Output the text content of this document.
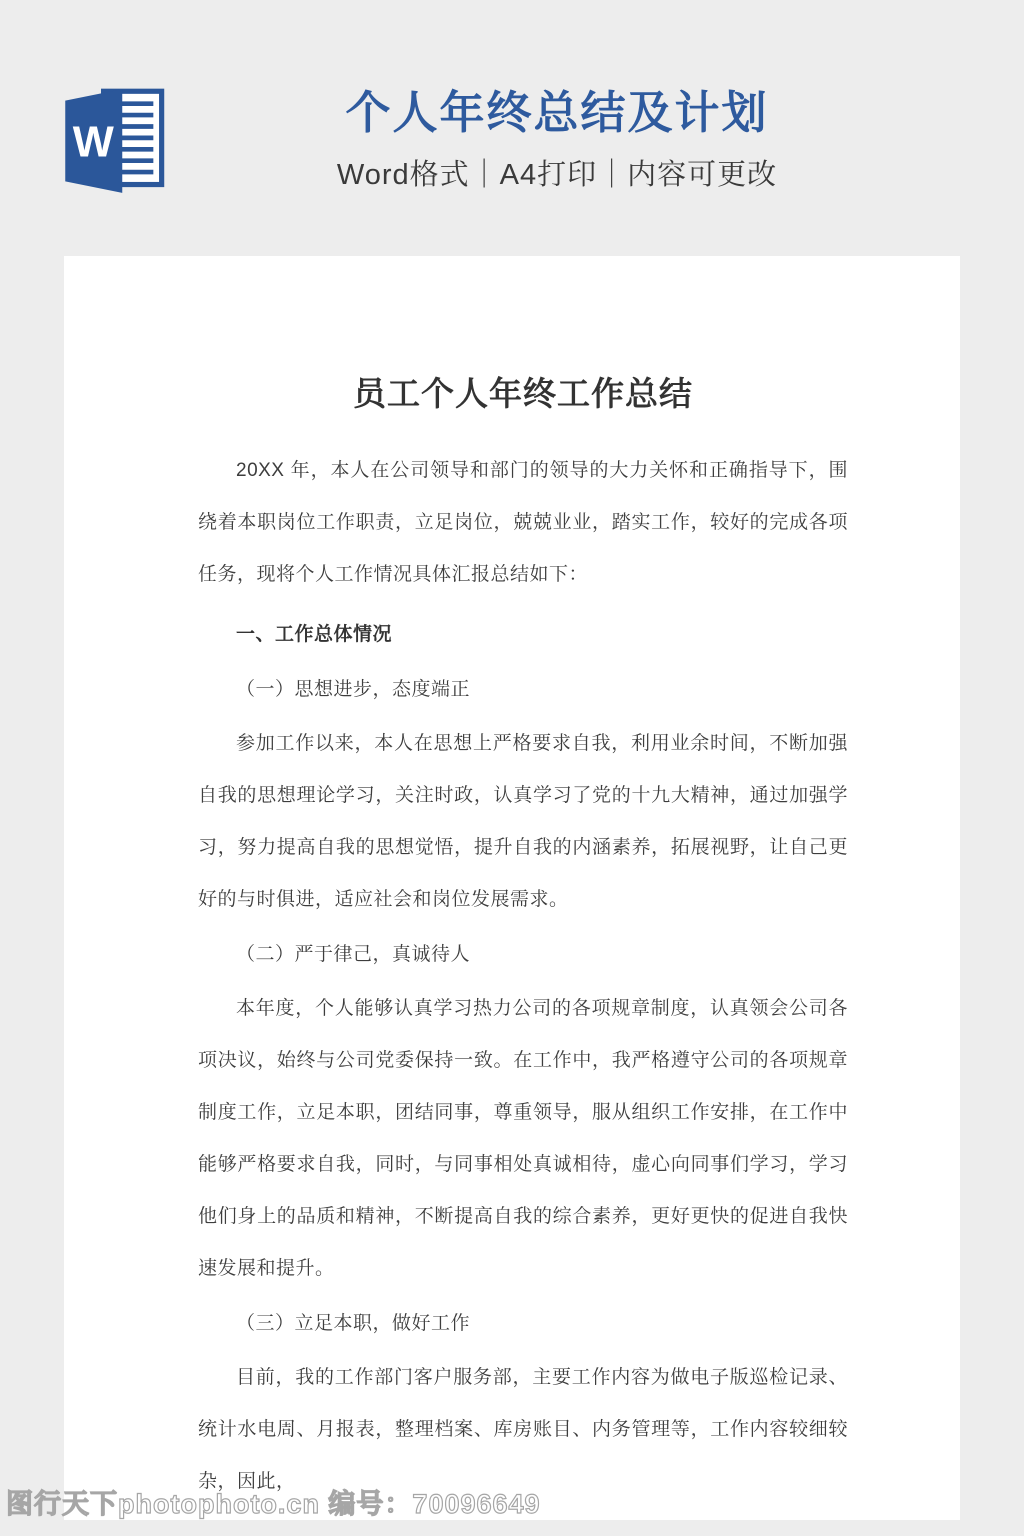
W
个人年终总结及计划
Word格式｜A4打印｜内容可更改
员工个人年终工作总结
20XX 年，本人在公司领导和部门的领导的大力关怀和正确指导下，围绕着本职岗位工作职责，立足岗位，兢兢业业，踏实工作，较好的完成各项任务，现将个人工作情况具体汇报总结如下：
一、工作总体情况
（一）思想进步，态度端正
参加工作以来，本人在思想上严格要求自我，利用业余时间，不断加强自我的思想理论学习，关注时政，认真学习了党的十九大精神，通过加强学习，努力提高自我的思想觉悟，提升自我的内涵素养，拓展视野，让自己更好的与时俱进，适应社会和岗位发展需求。
（二）严于律己，真诚待人
本年度，个人能够认真学习热力公司的各项规章制度，认真领会公司各项决议，始终与公司党委保持一致。在工作中，我严格遵守公司的各项规章制度工作，立足本职，团结同事，尊重领导，服从组织工作安排，在工作中能够严格要求自我，同时，与同事相处真诚相待，虚心向同事们学习，学习他们身上的品质和精神，不断提高自我的综合素养，更好更快的促进自我快速发展和提升。
（三）立足本职，做好工作
目前，我的工作部门客户服务部，主要工作内容为做电子版巡检记录、统计水电周、月报表，整理档案、库房账目、内务管理等，工作内容较细较杂，因此，
图行天下photophoto.cn 编号：70096649
